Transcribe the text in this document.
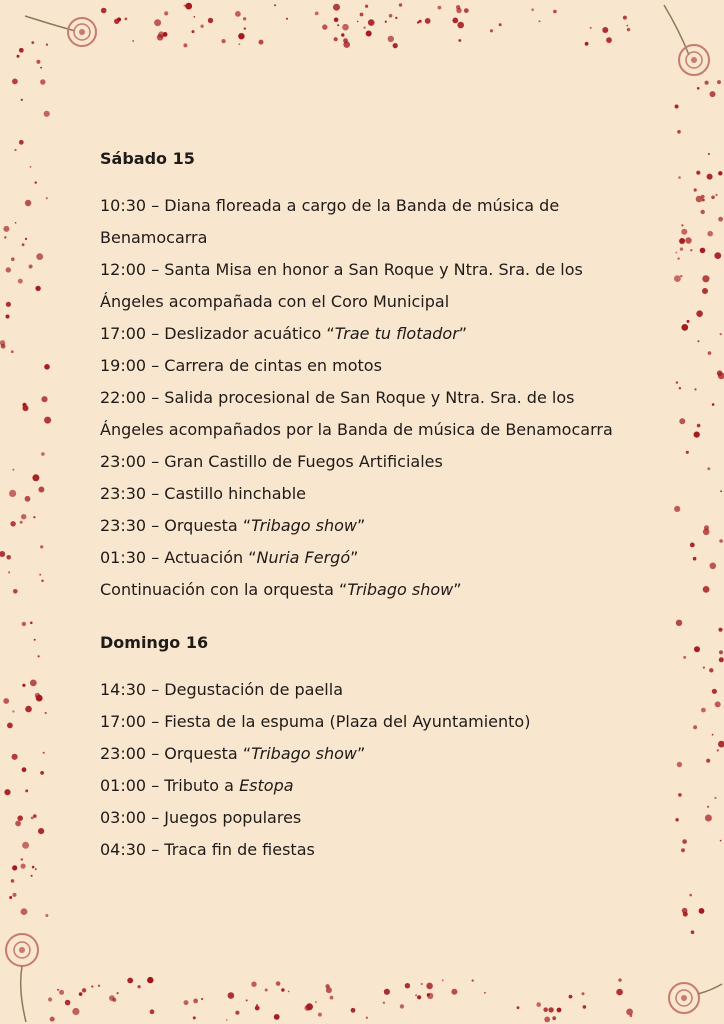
Sábado 15

10:30 – Diana floreada a cargo de la Banda de música de
Benamocarra

12:00 – Santa Misa en honor a San Roque y Ntra. Sra. de los
Ángeles acompañada con el Coro Municipal

17:00 – Deslizador acuático “Trae tu flotador”

19:00 – Carrera de cintas en motos

22:00 – Salida procesional de San Roque y Ntra. Sra. de los
Ángeles acompañados por la Banda de música de Benamocarra

23:00 – Gran Castillo de Fuegos Artificiales

23:30 – Castillo hinchable

23:30 – Orquesta “Tribago show”

01:30 – Actuación “Nuria Fergó”

Continuación con la orquesta “Tribago show”

Domingo 16

14:30 – Degustación de paella

17:00 – Fiesta de la espuma (Plaza del Ayuntamiento)

23:00 – Orquesta “Tribago show”

01:00 – Tributo a Estopa

03:00 – Juegos populares

04:30 – Traca fin de fiestas
